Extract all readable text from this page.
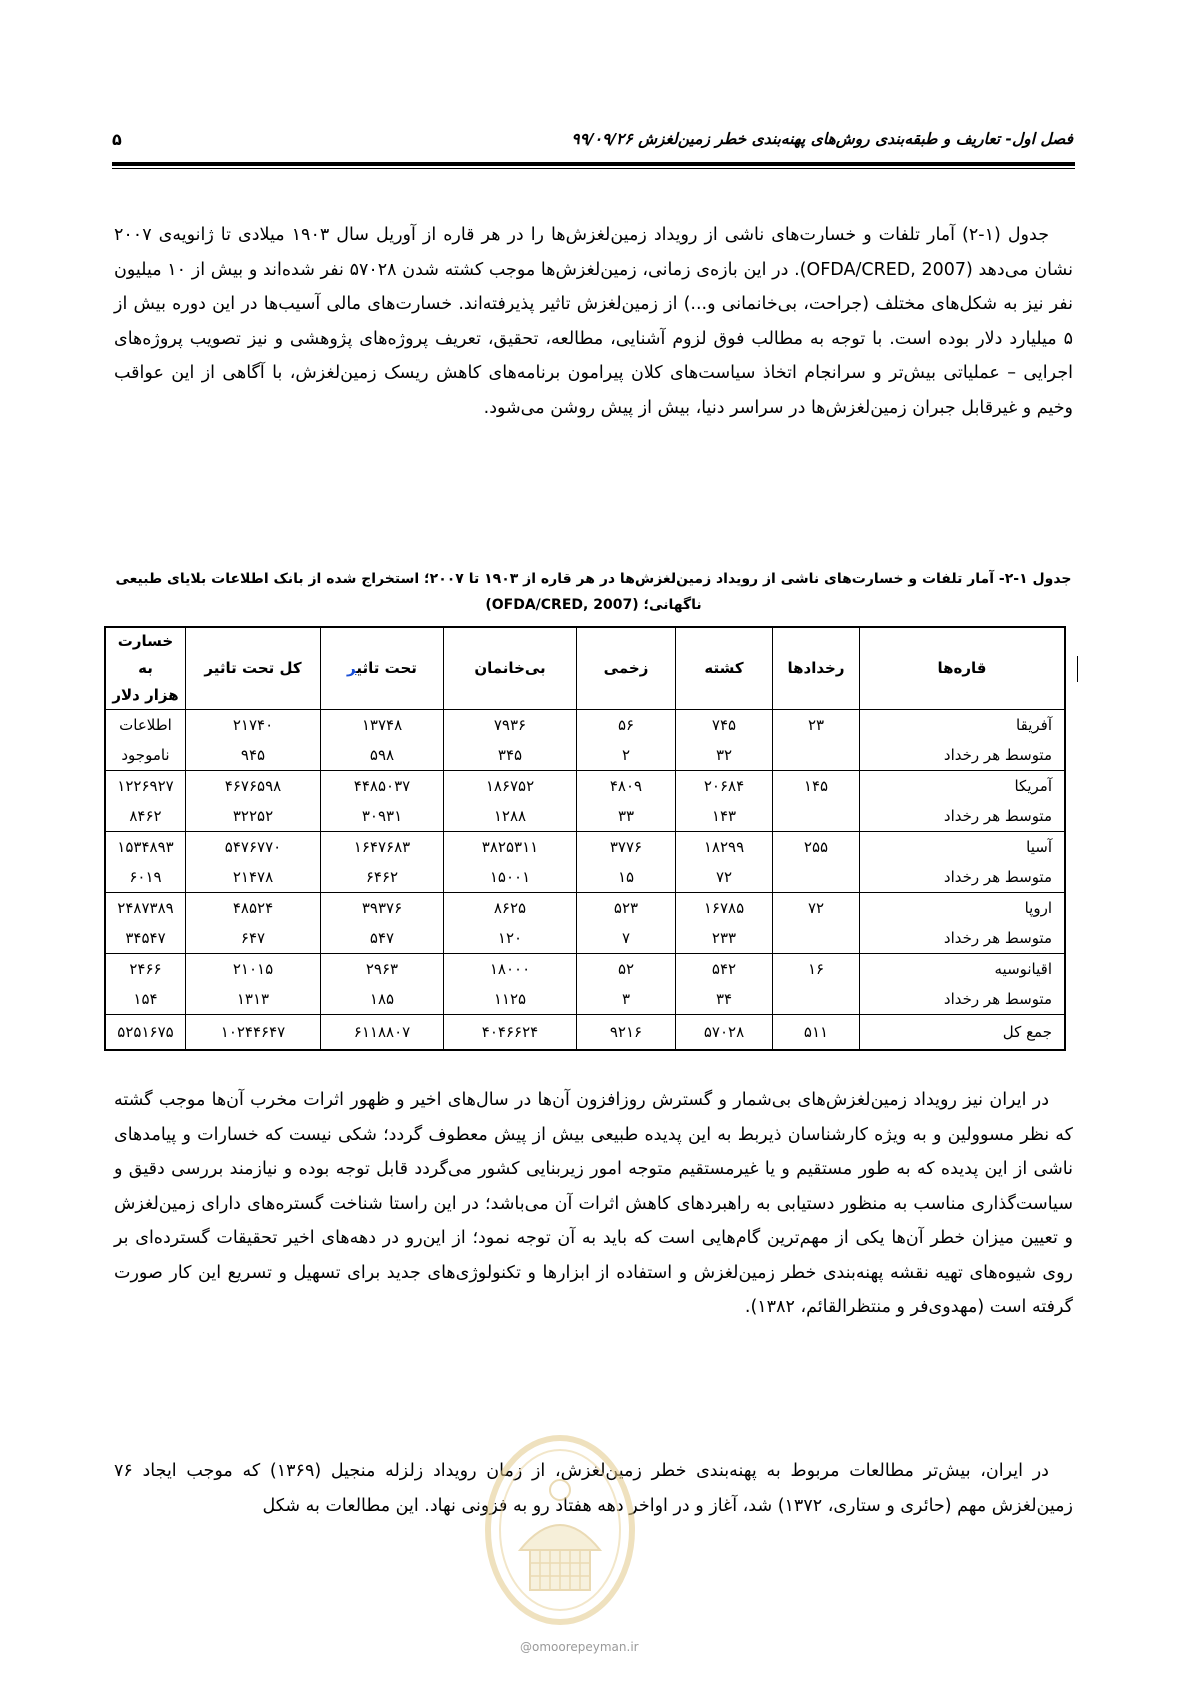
فصل اول- تعاریف و طبقه‌بندی روش‌های پهنه‌بندی خطر زمین‌لغزش ۹۹/۰۹/۲۶
۵

جدول (۱-۲) آمار تلفات و خسارت‌های ناشی از رویداد زمین‌لغزش‌ها را در هر قاره از آوریل سال ۱۹۰۳ میلادی تا ژانویه‌ی ۲۰۰۷ نشان می‌دهد (OFDA/CRED, 2007). در این بازه‌ی زمانی، زمین‌لغزش‌ها موجب کشته شدن ۵۷۰۲۸ نفر شده‌اند و بیش از ۱۰ میلیون نفر نیز به شکل‌های مختلف (جراحت، بی‌خانمانی و...) از زمین‌لغزش تاثیر پذیرفته‌اند. خسارت‌های مالی آسیب‌ها در این دوره بیش از ۵ میلیارد دلار بوده است. با توجه به مطالب فوق لزوم آشنایی، مطالعه، تحقیق، تعریف پروژه‌های پژوهشی و نیز تصویب پروژه‌های اجرایی – عملیاتی بیش‌تر و سرانجام اتخاذ سیاست‌های کلان پیرامون برنامه‌های کاهش ریسک زمین‌لغزش، با آگاهی از این عواقب وخیم و غیرقابل جبران زمین‌لغزش‌ها در سراسر دنیا، بیش از پیش روشن می‌شود.

جدول ۱-۲- آمار تلفات و خسارت‌های ناشی از رویداد زمین‌لغزش‌ها در هر قاره از ۱۹۰۳ تا ۲۰۰۷؛ استخراج شده از بانک اطلاعات بلایای طبیعی ناگهانی؛ (OFDA/CRED, 2007)
قاره‌ها	رخدادها	کشته	زخمی	بی‌خانمان	تحت تاثیر	کل تحت تاثیر	خسارت به
هزار دلار
آفریقا	۲۳	۷۴۵	۵۶	۷۹۳۶	۱۳۷۴۸	۲۱۷۴۰	اطلاعات
متوسط هر رخداد		۳۲	۲	۳۴۵	۵۹۸	۹۴۵	ناموجود
آمریکا	۱۴۵	۲۰۶۸۴	۴۸۰۹	۱۸۶۷۵۲	۴۴۸۵۰۳۷	۴۶۷۶۵۹۸	۱۲۲۶۹۲۷
متوسط هر رخداد		۱۴۳	۳۳	۱۲۸۸	۳۰۹۳۱	۳۲۲۵۲	۸۴۶۲
آسیا	۲۵۵	۱۸۲۹۹	۳۷۷۶	۳۸۲۵۳۱۱	۱۶۴۷۶۸۳	۵۴۷۶۷۷۰	۱۵۳۴۸۹۳
متوسط هر رخداد		۷۲	۱۵	۱۵۰۰۱	۶۴۶۲	۲۱۴۷۸	۶۰۱۹
اروپا	۷۲	۱۶۷۸۵	۵۲۳	۸۶۲۵	۳۹۳۷۶	۴۸۵۲۴	۲۴۸۷۳۸۹
متوسط هر رخداد		۲۳۳	۷	۱۲۰	۵۴۷	۶۴۷	۳۴۵۴۷
اقیانوسیه	۱۶	۵۴۲	۵۲	۱۸۰۰۰	۲۹۶۳	۲۱۰۱۵	۲۴۶۶
متوسط هر رخداد		۳۴	۳	۱۱۲۵	۱۸۵	۱۳۱۳	۱۵۴
جمع کل	۵۱۱	۵۷۰۲۸	۹۲۱۶	۴۰۴۶۶۲۴	۶۱۱۸۸۰۷	۱۰۲۴۴۶۴۷	۵۲۵۱۶۷۵

در ایران نیز رویداد زمین‌لغزش‌های بی‌شمار و گسترش روزافزون آن‌ها در سال‌های اخیر و ظهور اثرات مخرب آن‌ها موجب گشته که نظر مسوولین و به ویژه کارشناسان ذیربط به این پدیده طبیعی بیش از پیش معطوف گردد؛ شکی نیست که خسارات و پیامدهای ناشی از این پدیده که به طور مستقیم و یا غیرمستقیم متوجه امور زیربنایی کشور می‌گردد قابل توجه بوده و نیازمند بررسی دقیق و سیاست‌گذاری مناسب به منظور دستیابی به راهبردهای کاهش اثرات آن می‌باشد؛ در این راستا شناخت گستره‌های دارای زمین‌لغزش و تعیین میزان خطر آن‌ها یکی از مهم‌ترین گام‌هایی است که باید به آن توجه نمود؛ از این‌رو در دهه‌های اخیر تحقیقات گسترده‌ای بر روی شیوه‌های تهیه نقشه پهنه‌بندی خطر زمین‌لغزش و استفاده از ابزارها و تکنولوژی‌های جدید برای تسهیل و تسریع این کار صورت گرفته است (مهدوی‌فر و منتظرالقائم، ۱۳۸۲).

در ایران، بیش‌تر مطالعات مربوط به پهنه‌بندی خطر زمین‌لغزش، از زمان رویداد زلزله منجیل (۱۳۶۹) که موجب ایجاد ۷۶ زمین‌لغزش مهم (حائری و ستاری، ۱۳۷۲) شد، آغاز و در اواخر دهه هفتاد رو به فزونی نهاد. این مطالعات به شکل

@omoorepeyman.ir
